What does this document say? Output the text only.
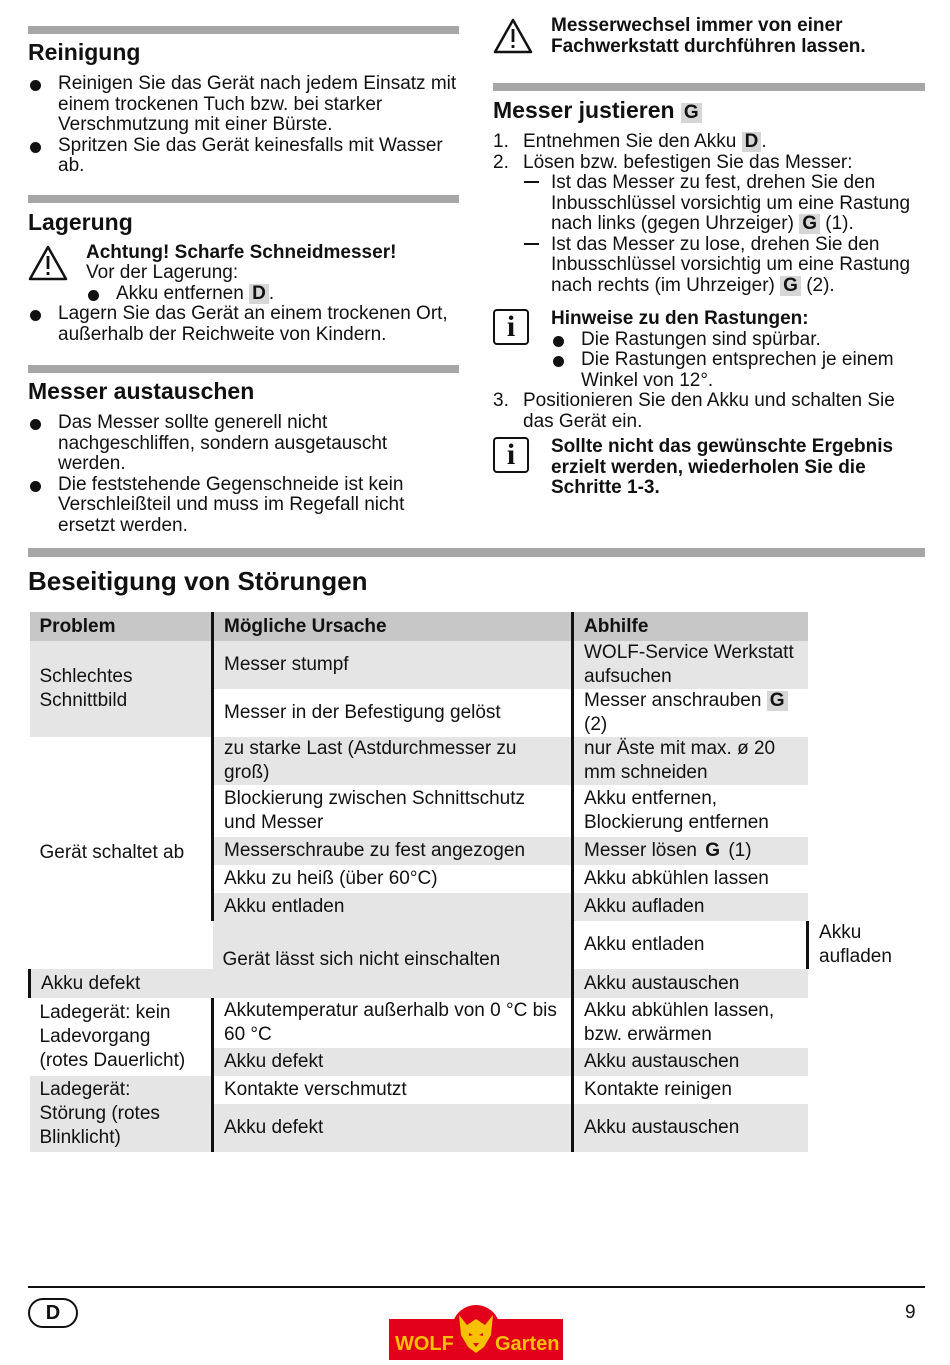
Reinigung
Reinigen Sie das Gerät nach jedem Einsatz mit einem trockenen Tuch bzw. bei starker Verschmutzung mit einer Bürste.
Spritzen Sie das Gerät keinesfalls mit Wasser ab.
Lagerung

Achtung! Scharfe Schneidmesser!

Vor der Lagerung:

Akku entfernen D .
Lagern Sie das Gerät an einem trockenen Ort, außerhalb der Reichweite von Kindern.
Messer austauschen
Das Messer sollte generell nicht nachgeschliffen, sondern ausgetauscht werden.
Die feststehende Gegenschneide ist kein Verschleißteil und muss im Regefall nicht ersetzt werden.

Messerwechsel immer von einer Fachwerkstatt durchführen lassen.

Messer justieren G
1. Entnehmen Sie den Akku D .
2. Lösen bzw. befestigen Sie das Messer:
Ist das Messer zu fest, drehen Sie den Inbusschlüssel vorsichtig um eine Rastung nach links (gegen Uhrzeiger) G (1).
Ist das Messer zu lose, drehen Sie den Inbusschlüssel vorsichtig um eine Rastung nach rechts (im Uhrzeiger) G (2).
i	Hinweise zu den Rastungen:

Die Rastungen sind spürbar.
Die Rastungen entsprechen je einem Winkel von 12°.
3. Positionieren Sie den Akku und schalten Sie das Gerät ein.
i	Sollte nicht das gewünschte Ergebnis erzielt werden, wiederholen Sie die Schritte 1-3.

Beseitigung von Störungen
Problem	Mögliche Ursache	Abhilfe	
Schlechtes Schnittbild	Messer stumpf	WOLF-Service Werkstatt aufsuchen	
	Messer in der Befestigung gelöst	Messer anschrauben G (2)	
Gerät schaltet ab	zu starke Last (Astdurchmesser zu groß)	nur Äste mit max. ø 20 mm schneiden	
	Blockierung zwischen Schnittschutz und Messer	Akku entfernen, Blockierung entfernen	
	Messerschraube zu fest angezogen	Messer lösen G (1)	
	Akku zu heiß (über 60°C)	Akku abkühlen lassen	
	Akku entladen	Akku aufladen	
	Gerät lässt sich nicht einschalten	Akku entladen	Akku aufladen
Akku defekt		Akku austauschen	
Ladegerät: kein Ladevorgang (rotes Dauerlicht)	Akkutemperatur außerhalb von 0 °C bis 60 °C	Akku abkühlen lassen, bzw. erwärmen	
	Akku defekt	Akku austauschen	
Ladegerät: Störung (rotes Blinklicht)	Kontakte verschmutzt	Kontakte reinigen	
	Akku defekt	Akku austauschen	
D	9
WOLF Garten
